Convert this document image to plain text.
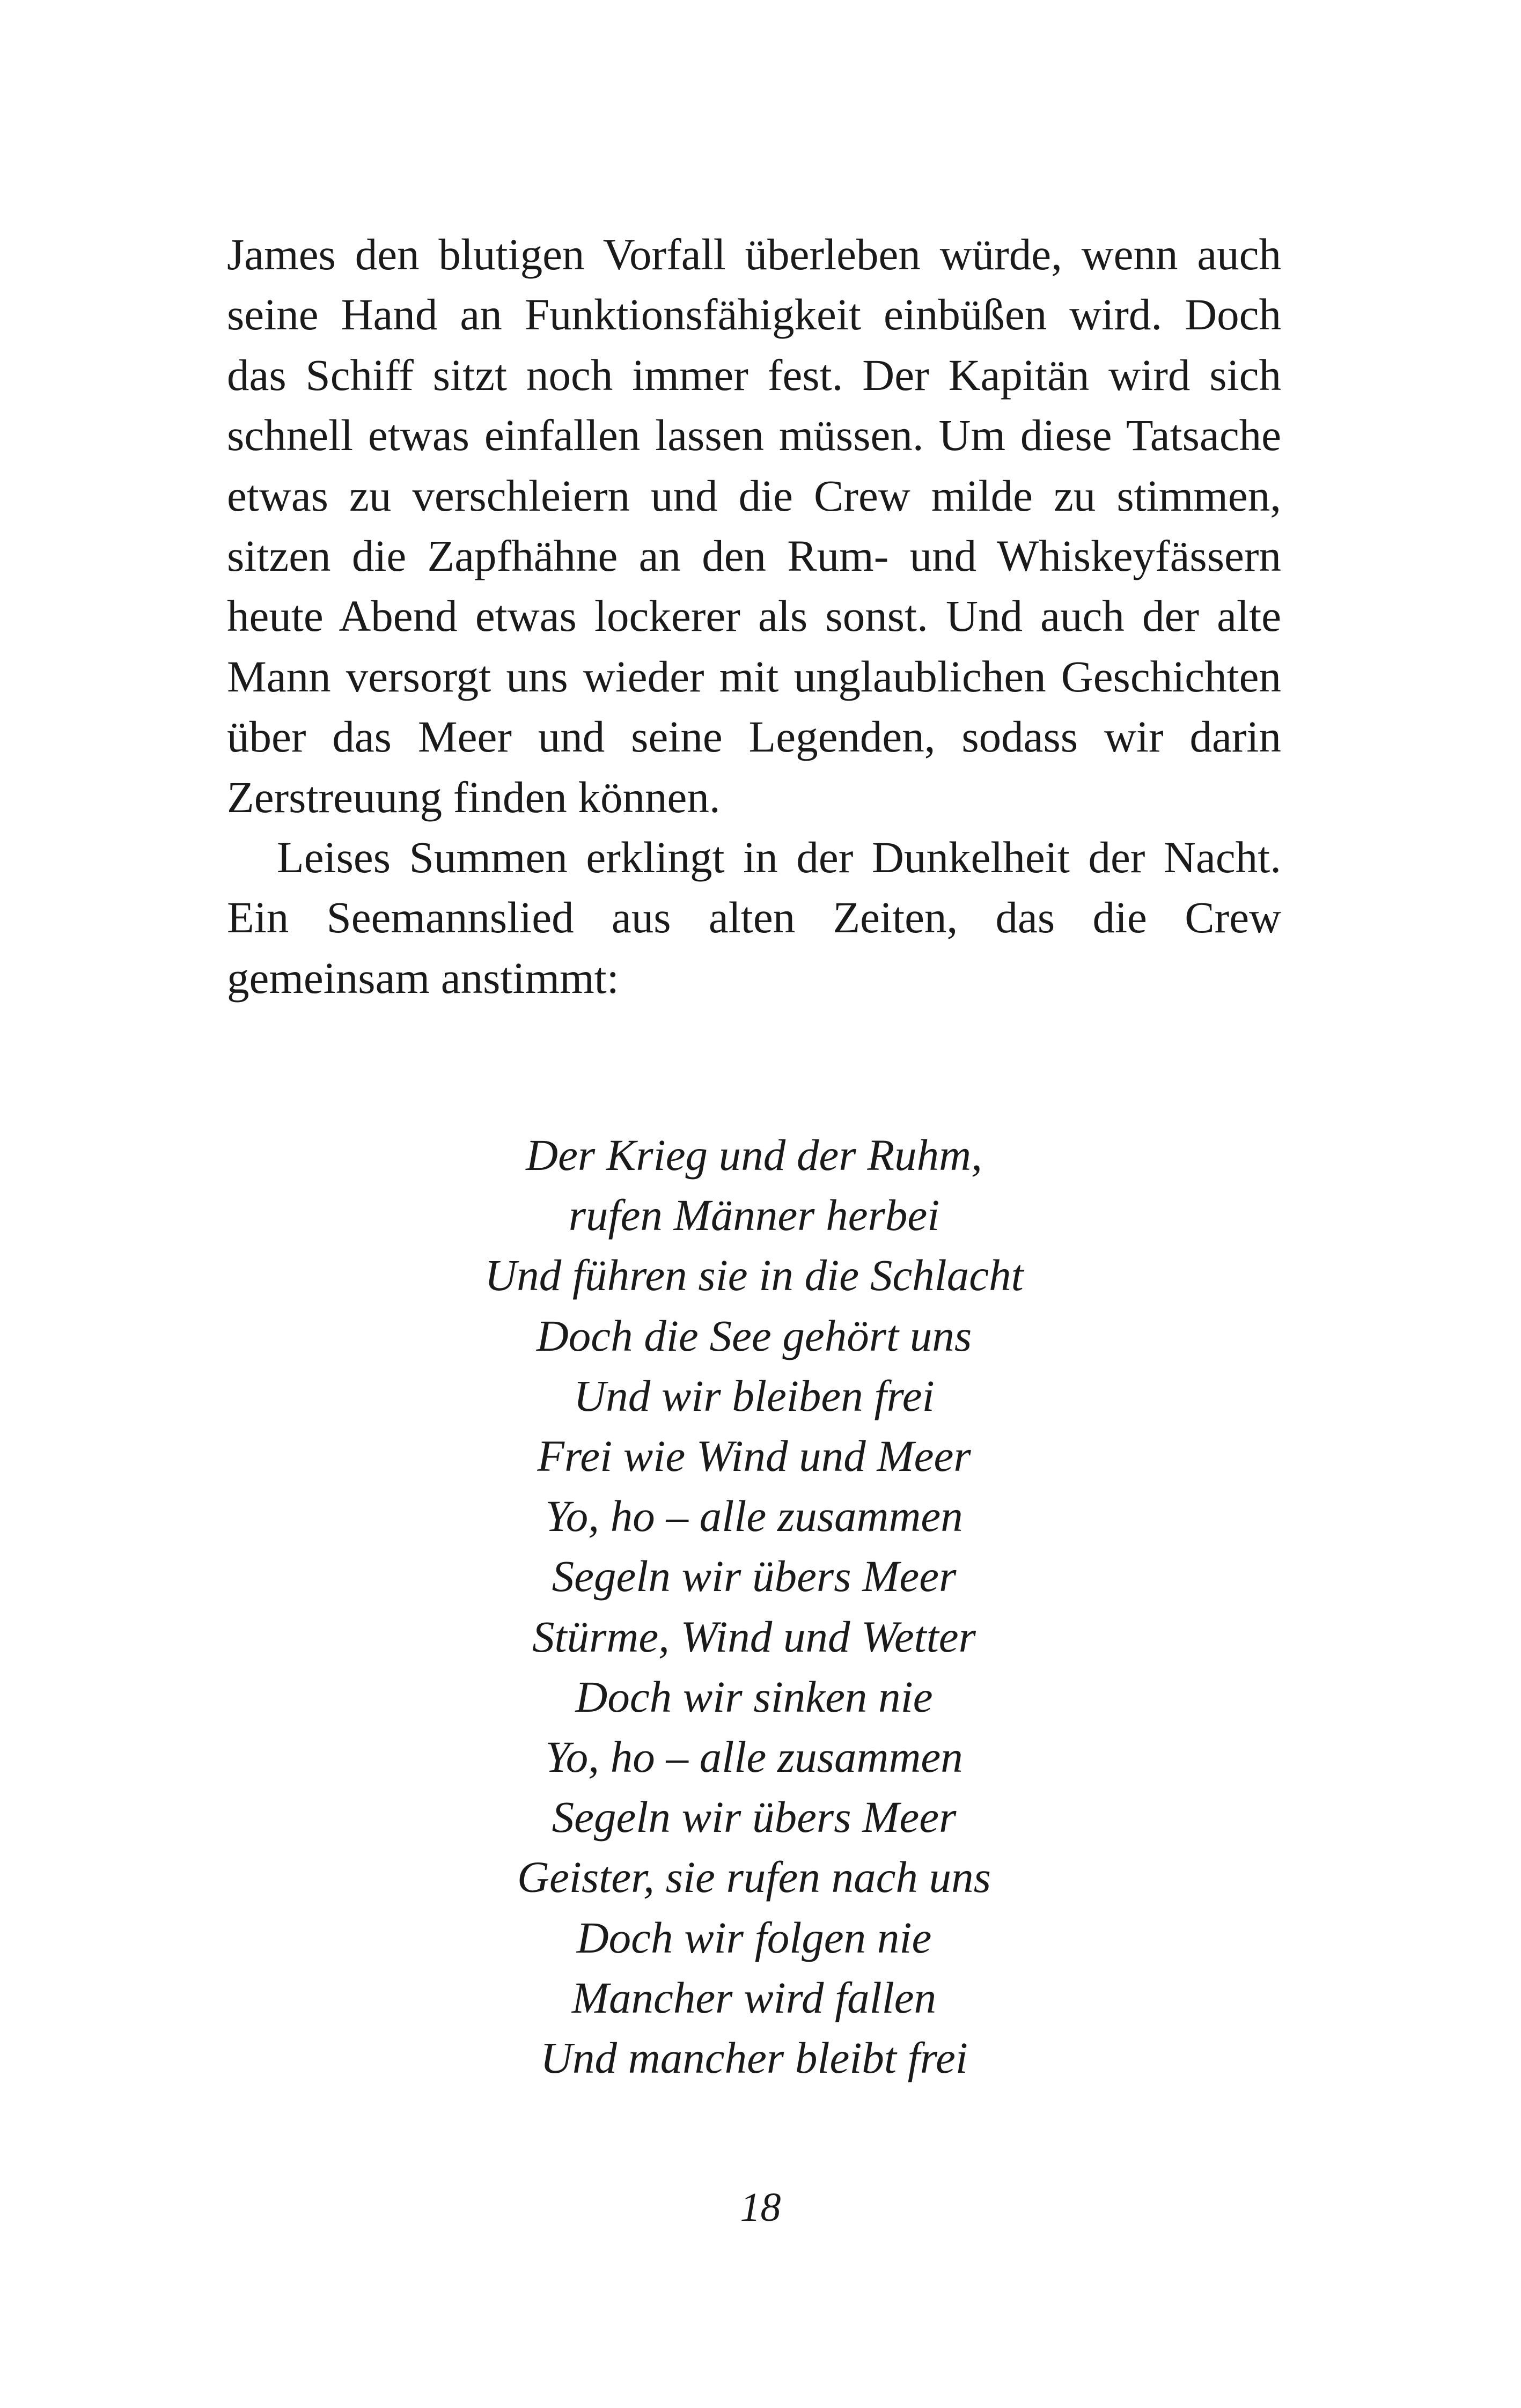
James den blutigen Vorfall überleben würde, wenn auch seine Hand an Funktionsfähigkeit einbüßen wird. Doch das Schiff sitzt noch immer fest. Der Kapitän wird sich schnell etwas einfallen lassen müssen. Um diese Tatsache etwas zu verschleiern und die Crew milde zu stimmen, sitzen die Zapfhähne an den Rum- und Whiskeyfässern heute Abend etwas lockerer als sonst. Und auch der alte Mann versorgt uns wieder mit unglaublichen Geschichten über das Meer und seine Legenden, sodass wir darin Zerstreuung finden können.

Leises Summen erklingt in der Dunkelheit der Nacht. Ein Seemannslied aus alten Zeiten, das die Crew gemeinsam anstimmt:

Der Krieg und der Ruhm,
rufen Männer herbei
Und führen sie in die Schlacht
Doch die See gehört uns
Und wir bleiben frei
Frei wie Wind und Meer
Yo, ho – alle zusammen
Segeln wir übers Meer
Stürme, Wind und Wetter
Doch wir sinken nie
Yo, ho – alle zusammen
Segeln wir übers Meer
Geister, sie rufen nach uns
Doch wir folgen nie
Mancher wird fallen
Und mancher bleibt frei
18
